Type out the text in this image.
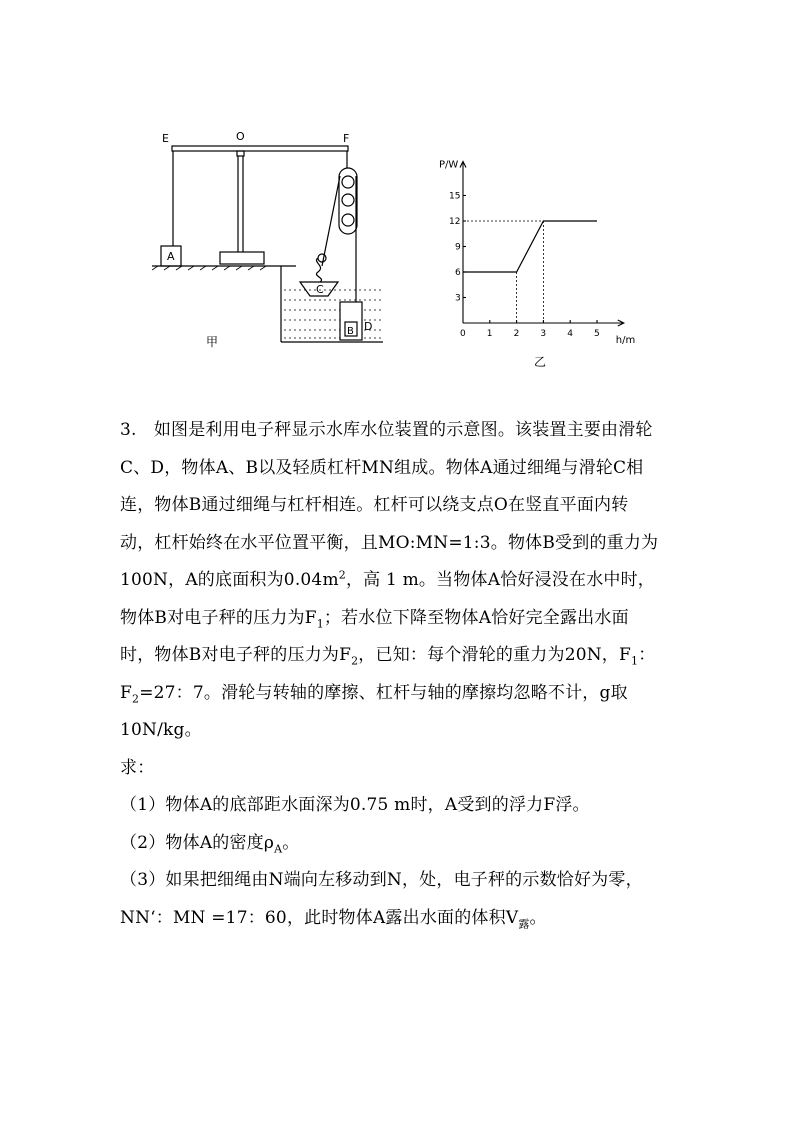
E	O	F
A
B
C
D
甲
P/W
h/m
乙
0 1 2 3 4 5
3
6
9
12
15

3.  如图是利用电子秤显示水库水位装置的示意图。该装置主要由滑轮C、D，物体A、B以及轻质杠杆MN组成。物体A通过细绳与滑轮C相连，物体B通过细绳与杠杆相连。杠杆可以绕支点O在竖直平面内转动，杠杆始终在水平位置平衡，且MO:MN=1:3。物体B受到的重力为100N，A的底面积为$0.04m^2$，高 1 m。当物体A恰好浸没在水中时，物体B对电子秤的压力为$F_1$；若水位下降至物体A恰好完全露出水面时，物体B对电子秤的压力为$F_2$，已知：每个滑轮的重力为20N，$F_1$：$F_2=27$：7。滑轮与转轴的摩擦、杠杆与轴的摩擦均忽略不计，g取10N/kg。

求：

（1）物体A的底部距水面深为0.75 m时，A受到的浮力F浮。

（2）物体A的密度$\rho_A$。

（3）如果把细绳由N端向左移动到N，处，电子秤的示数恰好为零，NN‘：MN =17：60，此时物体A露出水面的体积$V_露$。
